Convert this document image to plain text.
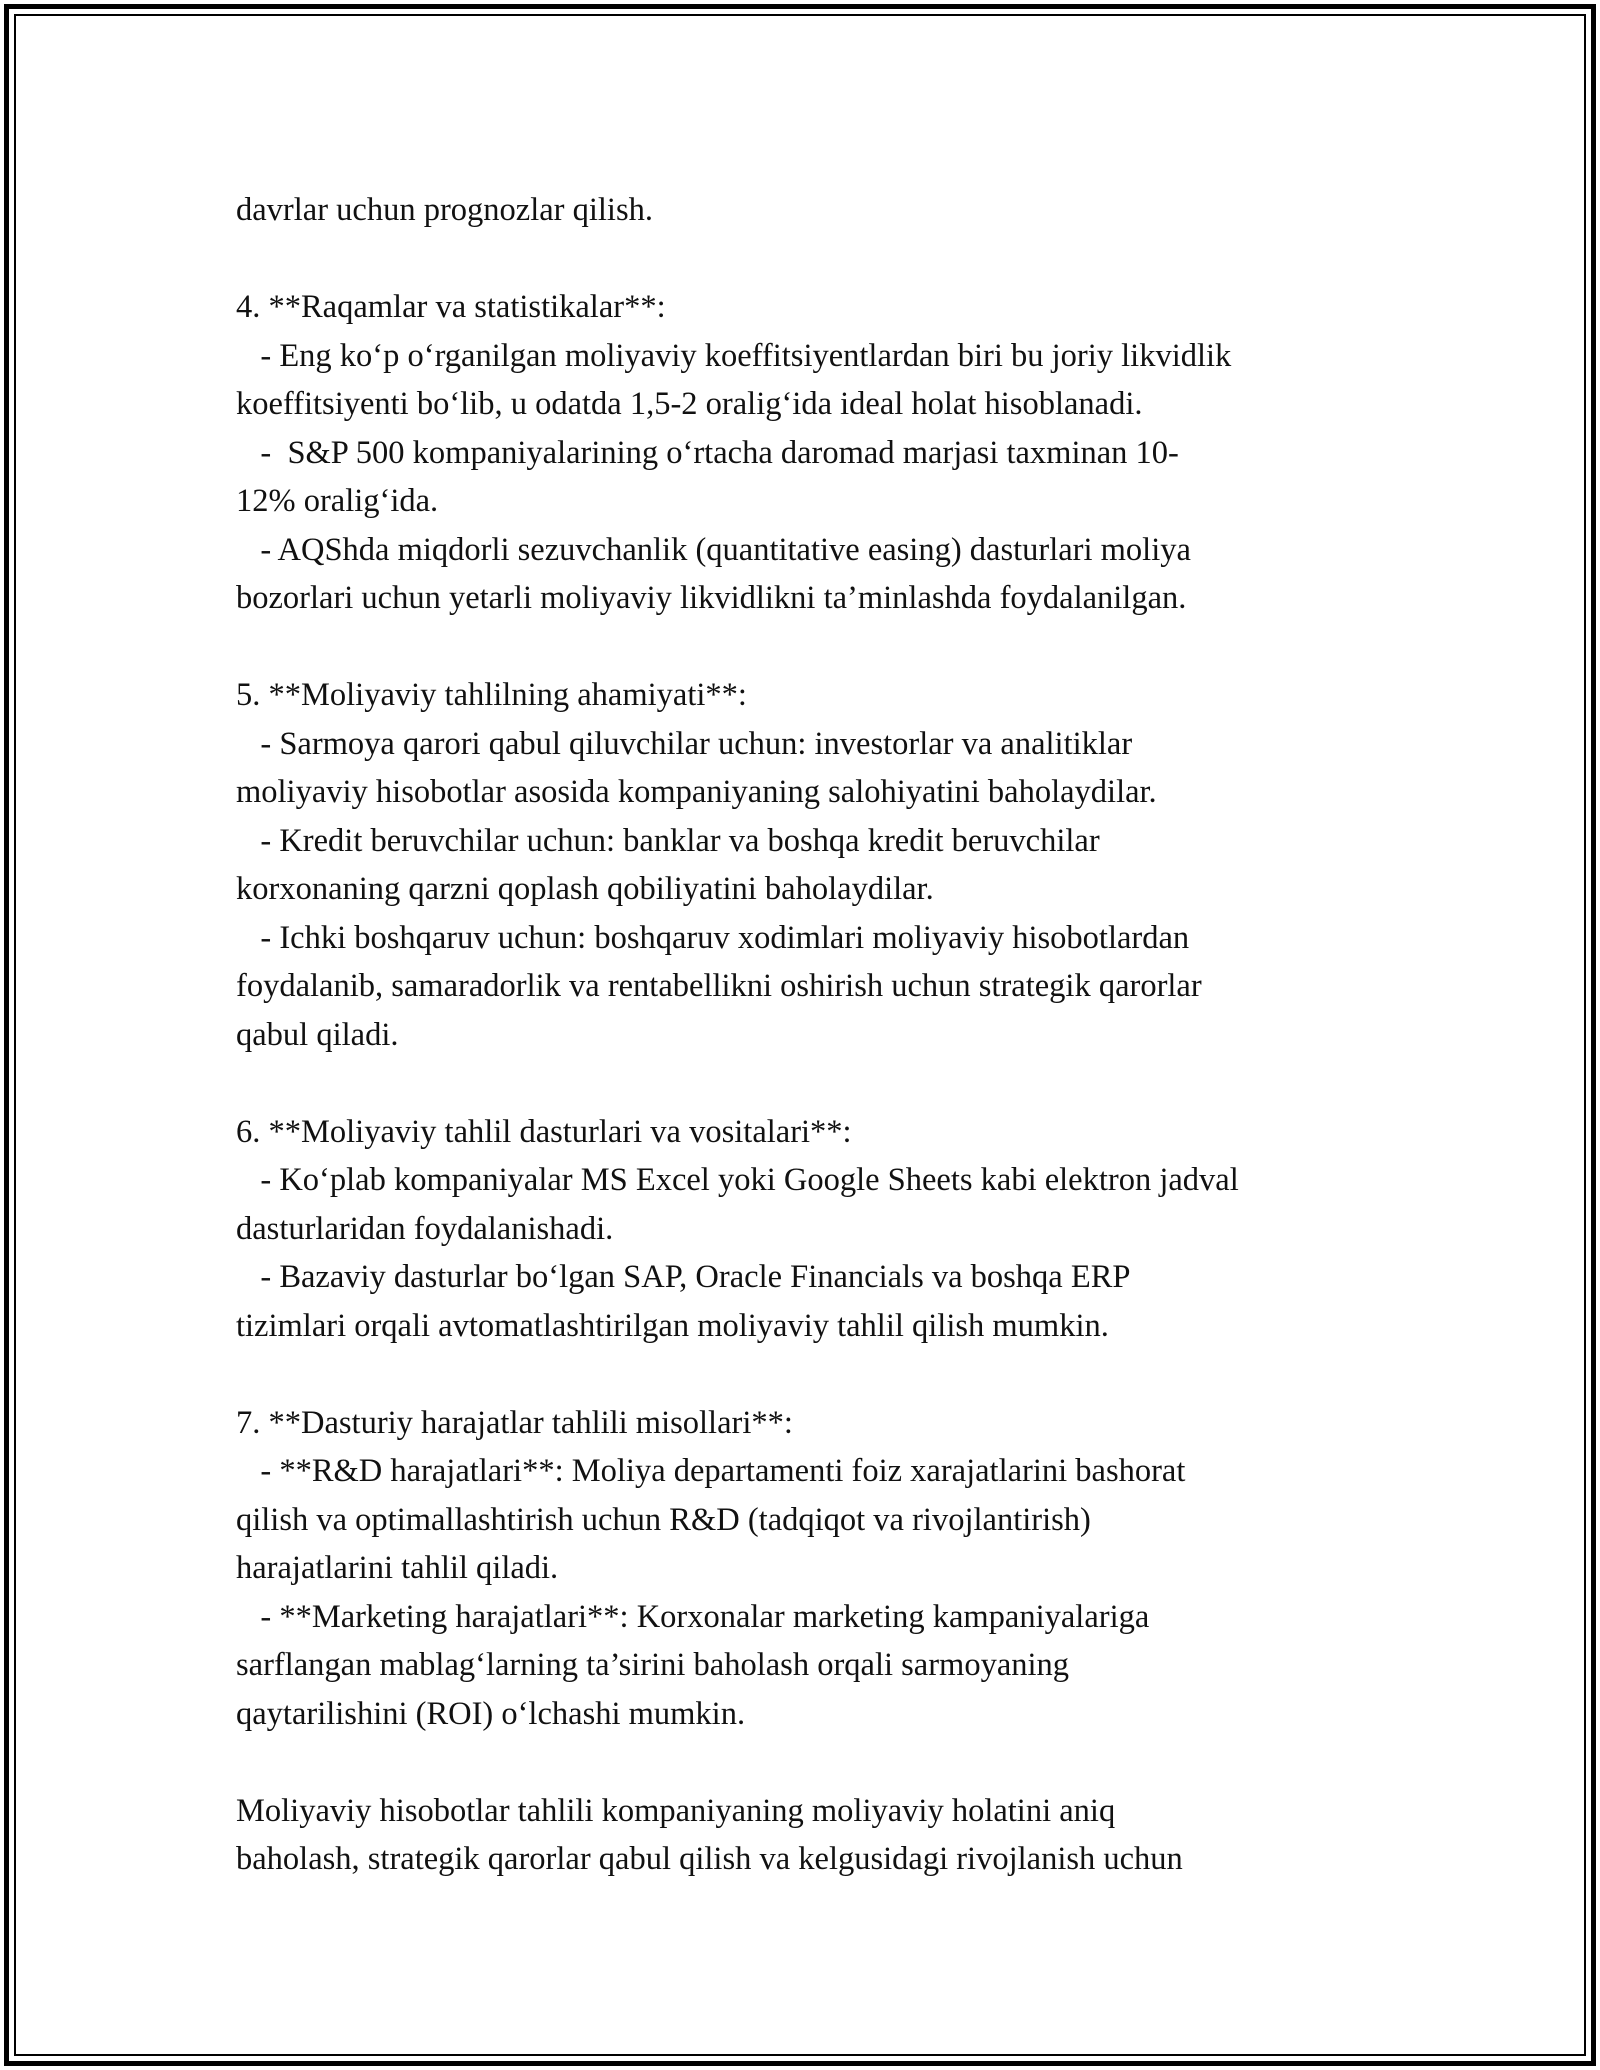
davrlar uchun prognozlar qilish.
4. **Raqamlar va statistikalar**:
- Eng ko‘p o‘rganilgan moliyaviy koeffitsiyentlardan biri bu joriy likvidlik
koeffitsiyenti bo‘lib, u odatda 1,5-2 oralig‘ida ideal holat hisoblanadi.
-  S&P 500 kompaniyalarining o‘rtacha daromad marjasi taxminan 10-
12% oralig‘ida.
- AQShda miqdorli sezuvchanlik (quantitative easing) dasturlari moliya
bozorlari uchun yetarli moliyaviy likvidlikni ta’minlashda foydalanilgan.
5. **Moliyaviy tahlilning ahamiyati**:
- Sarmoya qarori qabul qiluvchilar uchun: investorlar va analitiklar
moliyaviy hisobotlar asosida kompaniyaning salohiyatini baholaydilar.
- Kredit beruvchilar uchun: banklar va boshqa kredit beruvchilar
korxonaning qarzni qoplash qobiliyatini baholaydilar.
- Ichki boshqaruv uchun: boshqaruv xodimlari moliyaviy hisobotlardan
foydalanib, samaradorlik va rentabellikni oshirish uchun strategik qarorlar
qabul qiladi.
6. **Moliyaviy tahlil dasturlari va vositalari**:
- Ko‘plab kompaniyalar MS Excel yoki Google Sheets kabi elektron jadval
dasturlaridan foydalanishadi.
- Bazaviy dasturlar bo‘lgan SAP, Oracle Financials va boshqa ERP
tizimlari orqali avtomatlashtirilgan moliyaviy tahlil qilish mumkin.
7. **Dasturiy harajatlar tahlili misollari**:
- **R&D harajatlari**: Moliya departamenti foiz xarajatlarini bashorat
qilish va optimallashtirish uchun R&D (tadqiqot va rivojlantirish)
harajatlarini tahlil qiladi.
- **Marketing harajatlari**: Korxonalar marketing kampaniyalariga
sarflangan mablag‘larning ta’sirini baholash orqali sarmoyaning
qaytarilishini (ROI) o‘lchashi mumkin.
Moliyaviy hisobotlar tahlili kompaniyaning moliyaviy holatini aniq
baholash, strategik qarorlar qabul qilish va kelgusidagi rivojlanish uchun
